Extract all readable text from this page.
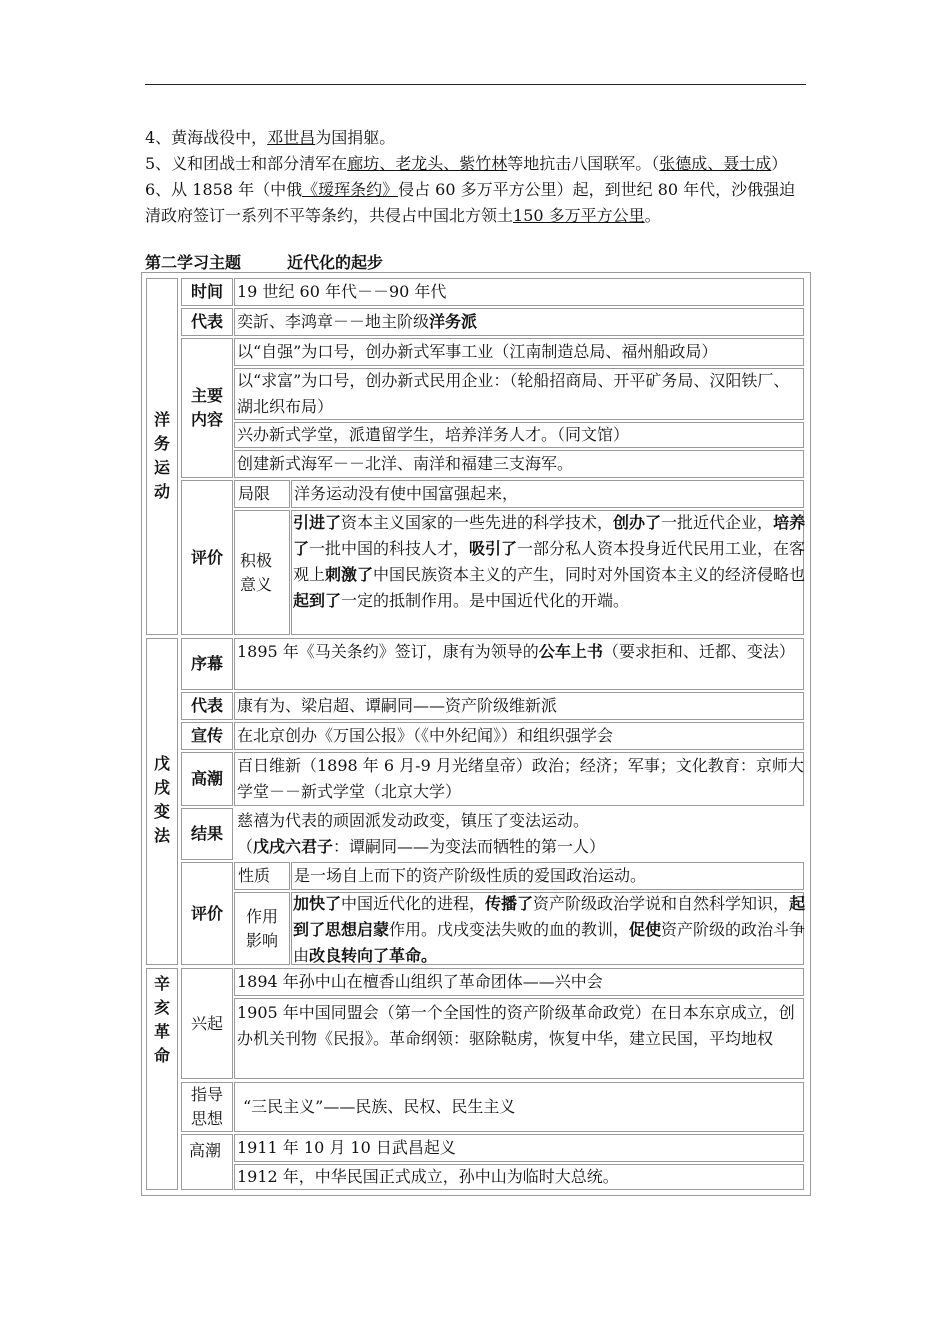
4、黄海战役中，邓世昌为国捐躯。

5、义和团战士和部分清军在廊坊、老龙头、紫竹林等地抗击八国联军。（张德成、聂士成）6、从 1858 年（中俄《瑷珲条约》侵占 60 多万平方公里）起，到世纪 80 年代，沙俄强迫清政府签订一系列不平等条约，共侵占中国北方领土150 多万平方公里。

第二学习主题	近代化的起步
洋务运动
时间 19 世纪 60 年代－－90 年代
代表 奕訢、李鸿章－－地主阶级洋务派
主要内容
以“自强”为口号，创办新式军事工业（江南制造总局、福州船政局）
以“求富”为口号，创办新式民用企业：（轮船招商局、开平矿务局、汉阳铁厂、湖北织布局）
兴办新式学堂，派遣留学生，培养洋务人才。（同文馆）
创建新式海军－－北洋、南洋和福建三支海军。
评价
局限 洋务运动没有使中国富强起来，
积极意义
引进了资本主义国家的一些先进的科学技术，创办了一批近代企业，培养了一批中国的科技人才，吸引了一部分私人资本投身近代民用工业，在客观上刺激了中国民族资本主义的产生，同时对外国资本主义的经济侵略也起到了一定的抵制作用。是中国近代化的开端。
戊戌变法
序幕
1895 年《马关条约》签订，康有为领导的公车上书（要求拒和、迁都、变法）
代表 康有为、梁启超、谭嗣同——资产阶级维新派
宣传 在北京创办《万国公报》（《中外纪闻》）和组织强学会
高潮
百日维新（1898 年 6 月-9 月光绪皇帝）政治；经济；军事；文化教育：京师大学堂－－新式学堂（北京大学）
结果
慈禧为代表的顽固派发动政变，镇压了变法运动。
（戊戌六君子：谭嗣同——为变法而牺牲的第一人）
评价
性质 是一场自上而下的资产阶级性质的爱国政治运动。
作用影响
加快了中国近代化的进程，传播了资产阶级政治学说和自然科学知识，起到了思想启蒙作用。戊戌变法失败的血的教训，促使资产阶级的政治斗争由改良转向了革命。
辛亥革命
兴起
1894 年孙中山在檀香山组织了革命团体——兴中会
1905 年中国同盟会（第一个全国性的资产阶级革命政党）在日本东京成立，创办机关刊物《民报》。革命纲领：驱除鞑虏，恢复中华，建立民国，平均地权
指导思想
“三民主义”——民族、民权、民生主义
高潮 1911 年 10 月 10 日武昌起义
1912 年，中华民国正式成立，孙中山为临时大总统。
